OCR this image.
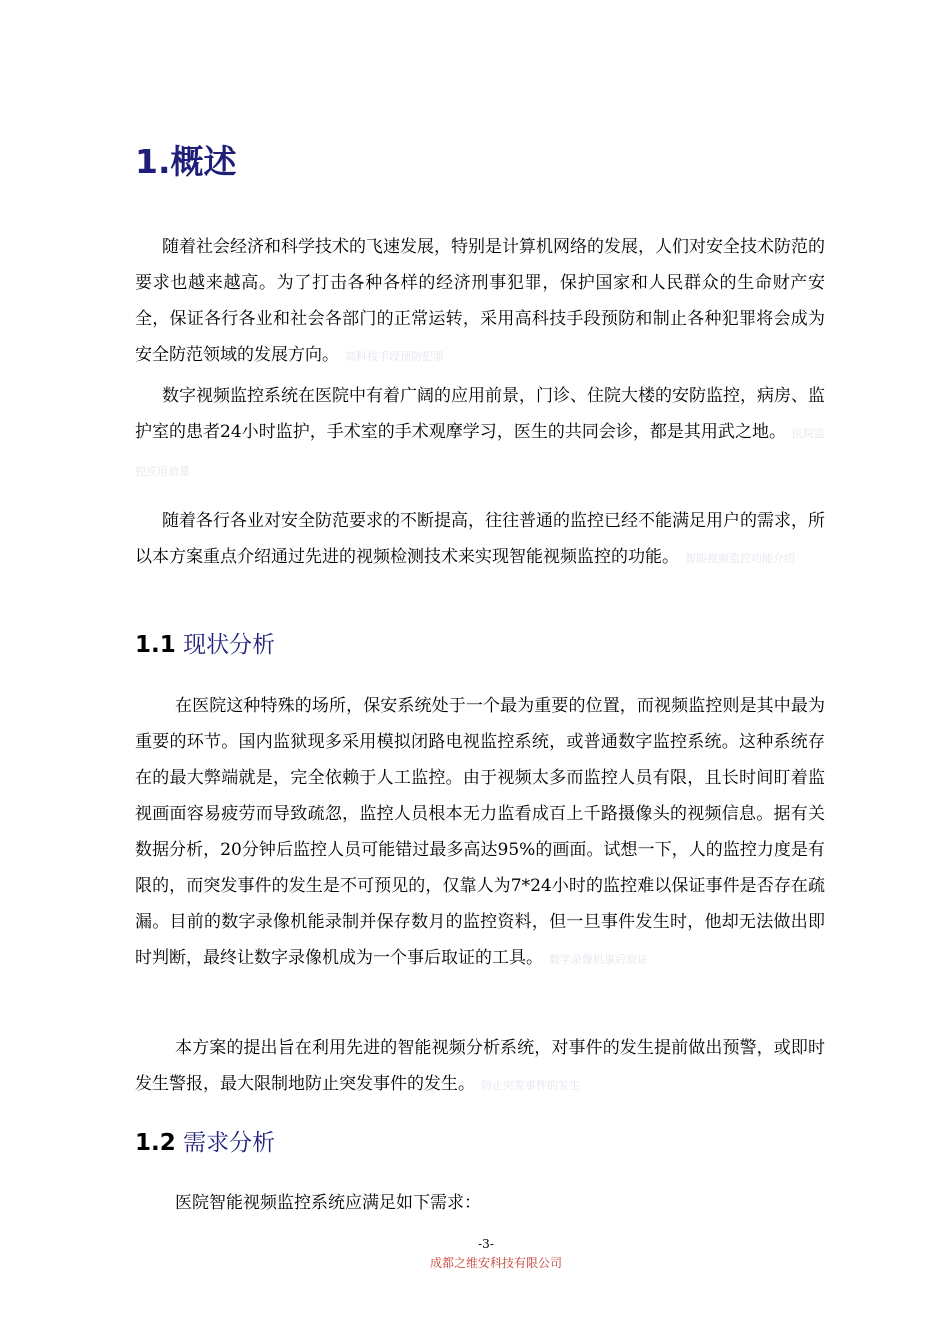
1.概述

随着社会经济和科学技术的飞速发展，特别是计算机网络的发展，人们对安全技术防范的要求也越来越高。为了打击各种各样的经济刑事犯罪，保护国家和人民群众的生命财产安全，保证各行各业和社会各部门的正常运转，采用高科技手段预防和制止各种犯罪将会成为安全防范领域的发展方向。 高科技手段预防犯罪

数字视频监控系统在医院中有着广阔的应用前景，门诊、住院大楼的安防监控，病房、监护室的患者24小时监护，手术室的手术观摩学习，医生的共同会诊，都是其用武之地。 医院监控应用前景

随着各行各业对安全防范要求的不断提高，往往普通的监控已经不能满足用户的需求，所以本方案重点介绍通过先进的视频检测技术来实现智能视频监控的功能。 智能视频监控功能介绍

1.1 现状分析

在医院这种特殊的场所，保安系统处于一个最为重要的位置，而视频监控则是其中最为重要的环节。国内监狱现多采用模拟闭路电视监控系统，或普通数字监控系统。这种系统存在的最大弊端就是，完全依赖于人工监控。由于视频太多而监控人员有限，且长时间盯着监视画面容易疲劳而导致疏忽，监控人员根本无力监看成百上千路摄像头的视频信息。据有关数据分析，20分钟后监控人员可能错过最多高达95%的画面。试想一下，人的监控力度是有限的，而突发事件的发生是不可预见的，仅靠人为7*24小时的监控难以保证事件是否存在疏漏。目前的数字录像机能录制并保存数月的监控资料，但一旦事件发生时，他却无法做出即时判断，最终让数字录像机成为一个事后取证的工具。 数字录像机事后取证

本方案的提出旨在利用先进的智能视频分析系统，对事件的发生提前做出预警，或即时发生警报，最大限制地防止突发事件的发生。 防止突发事件的发生

1.2 需求分析

医院智能视频监控系统应满足如下需求：

-3-
成都之维安科技有限公司
